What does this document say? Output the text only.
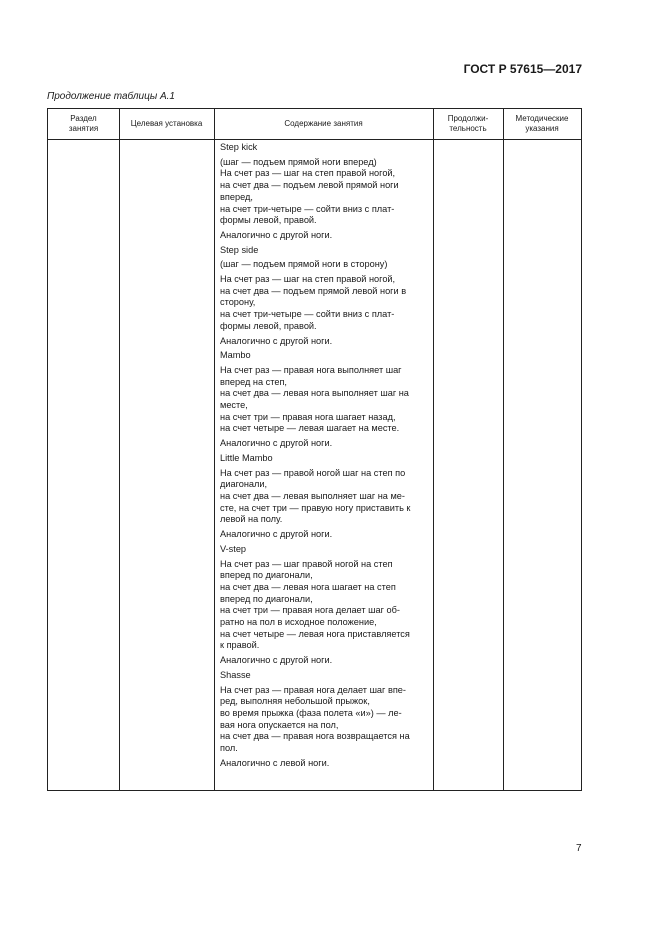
ГОСТ Р 57615—2017
Продолжение таблицы А.1
Раздел
занятия
Целевая установка	Содержание занятия
Продолжи-
тельность
Методические
указания
Step kick
(шаг — подъем прямой ноги вперед)
На счет раз — шаг на степ правой ногой,
на счет два — подъем левой прямой ноги
вперед,
на счет три-четыре — сойти вниз с плат-
формы левой, правой.
Аналогично с другой ноги.
Step side
(шаг — подъем прямой ноги в сторону)
На счет раз — шаг на степ правой ногой,
на счет два — подъем прямой левой ноги в
сторону,
на счет три-четыре — сойти вниз с плат-
формы левой, правой.
Аналогично с другой ноги.
Mambo
На счет раз — правая нога выполняет шаг
вперед на степ,
на счет два — левая нога выполняет шаг на
месте,
на счет три — правая нога шагает назад,
на счет четыре — левая шагает на месте.
Аналогично с другой ноги.
Little Mambo
На счет раз — правой ногой шаг на степ по
диагонали,
на счет два — левая выполняет шаг на ме-
сте, на счет три — правую ногу приставить к
левой на полу.
Аналогично с другой ноги.
V-step
На счет раз — шаг правой ногой на степ
вперед по диагонали,
на счет два — левая нога шагает на степ
вперед по диагонали,
на счет три — правая нога делает шаг об-
ратно на пол в исходное положение,
на счет четыре — левая нога приставляется
к правой.
Аналогично с другой ноги.
Shasse
На счет раз — правая нога делает шаг впе-
ред, выполняя небольшой прыжок,
во время прыжка (фаза полета «и») — ле-
вая нога опускается на пол,
на счет два — правая нога возвращается на
пол.
Аналогично с левой ноги.
7
